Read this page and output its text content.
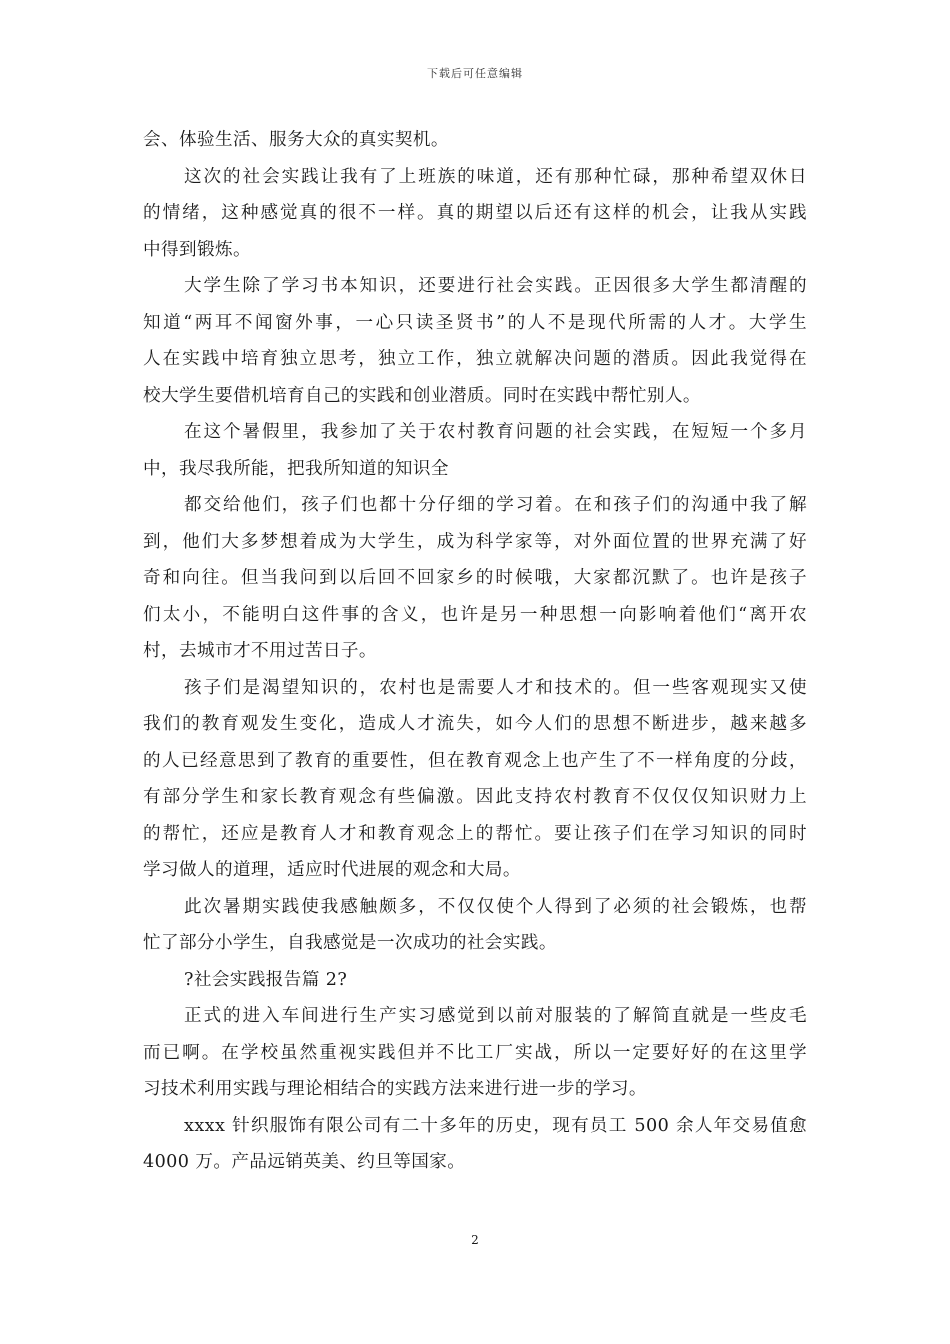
下载后可任意编辑
会、体验生活、服务大众的真实契机。
这次的社会实践让我有了上班族的味道，还有那种忙碌，那种希望双休日
的情绪，这种感觉真的很不一样。真的期望以后还有这样的机会，让我从实践
中得到锻炼。
大学生除了学习书本知识，还要进行社会实践。正因很多大学生都清醒的
知道“两耳不闻窗外事，一心只读圣贤书”的人不是现代所需的人才。大学生
人在实践中培育独立思考，独立工作，独立就解决问题的潜质。因此我觉得在
校大学生要借机培育自己的实践和创业潜质。同时在实践中帮忙别人。
在这个暑假里，我参加了关于农村教育问题的社会实践，在短短一个多月
中，我尽我所能，把我所知道的知识全
都交给他们，孩子们也都十分仔细的学习着。在和孩子们的沟通中我了解
到，他们大多梦想着成为大学生，成为科学家等，对外面位置的世界充满了好
奇和向往。但当我问到以后回不回家乡的时候哦，大家都沉默了。也许是孩子
们太小，不能明白这件事的含义，也许是另一种思想一向影响着他们“离开农
村，去城市才不用过苦日子。
孩子们是渴望知识的，农村也是需要人才和技术的。但一些客观现实又使
我们的教育观发生变化，造成人才流失，如今人们的思想不断进步，越来越多
的人已经意思到了教育的重要性，但在教育观念上也产生了不一样角度的分歧，
有部分学生和家长教育观念有些偏激。因此支持农村教育不仅仅仅知识财力上
的帮忙，还应是教育人才和教育观念上的帮忙。要让孩子们在学习知识的同时
学习做人的道理，适应时代进展的观念和大局。
此次暑期实践使我感触颇多，不仅仅使个人得到了必须的社会锻炼，也帮
忙了部分小学生，自我感觉是一次成功的社会实践。
?社会实践报告篇 2?
正式的进入车间进行生产实习感觉到以前对服装的了解简直就是一些皮毛
而已啊。在学校虽然重视实践但并不比工厂实战，所以一定要好好的在这里学
习技术利用实践与理论相结合的实践方法来进行进一步的学习。
xxxx 针织服饰有限公司有二十多年的历史，现有员工 500 余人年交易值愈
4000 万。产品远销英美、约旦等国家。
2
